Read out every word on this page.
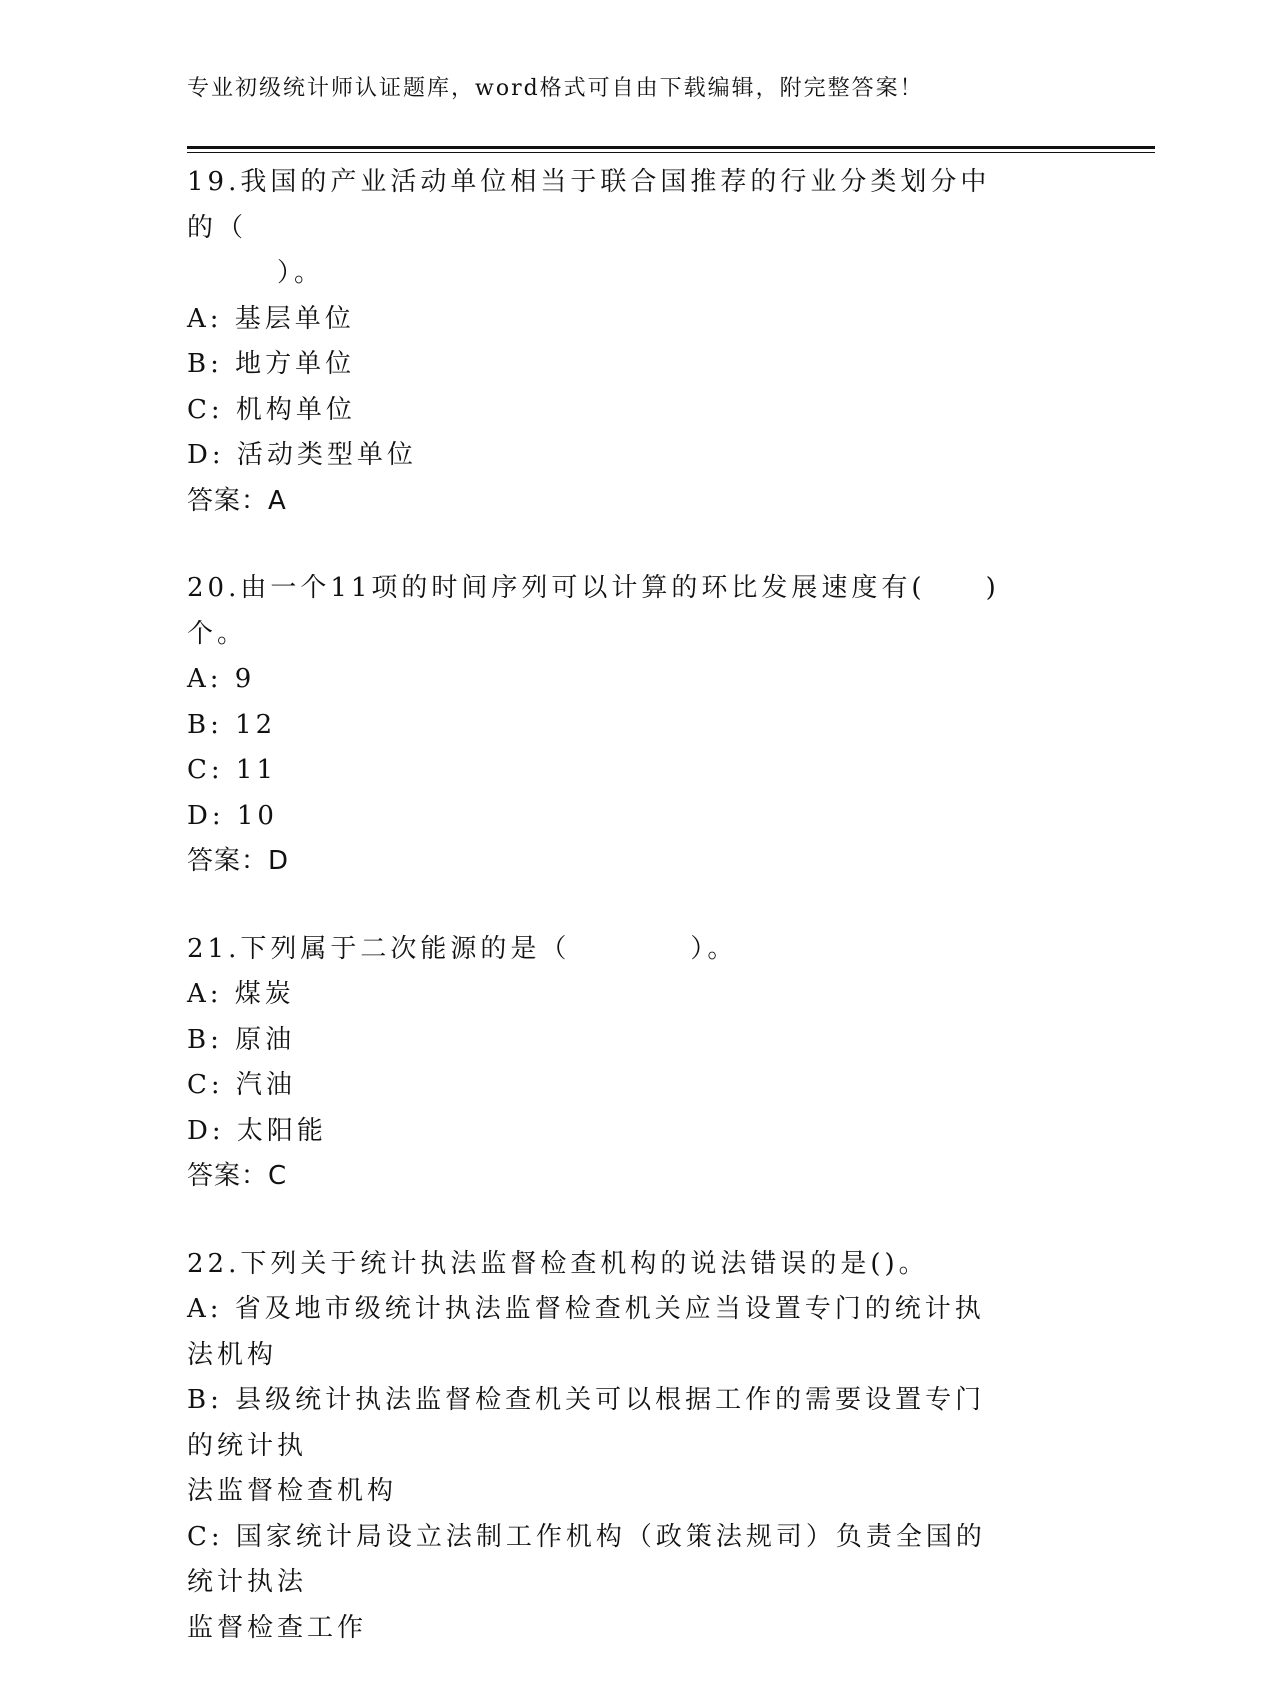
专业初级统计师认证题库，word格式可自由下载编辑，附完整答案！
19.我国的产业活动单位相当于联合国推荐的行业分类划分中的（
　　　）。
A: 基层单位
B: 地方单位
C: 机构单位
D: 活动类型单位
答案：A
20.由一个11项的时间序列可以计算的环比发展速度有(　　)个。
A: 9
B: 12
C: 11
D: 10
答案：D
21.下列属于二次能源的是（　　　　）。
A: 煤炭
B: 原油
C: 汽油
D: 太阳能
答案：C
22.下列关于统计执法监督检查机构的说法错误的是()。
A: 省及地市级统计执法监督检查机关应当设置专门的统计执法机构
B: 县级统计执法监督检查机关可以根据工作的需要设置专门的统计执
法监督检查机构
C: 国家统计局设立法制工作机构（政策法规司）负责全国的统计执法
监督检查工作
